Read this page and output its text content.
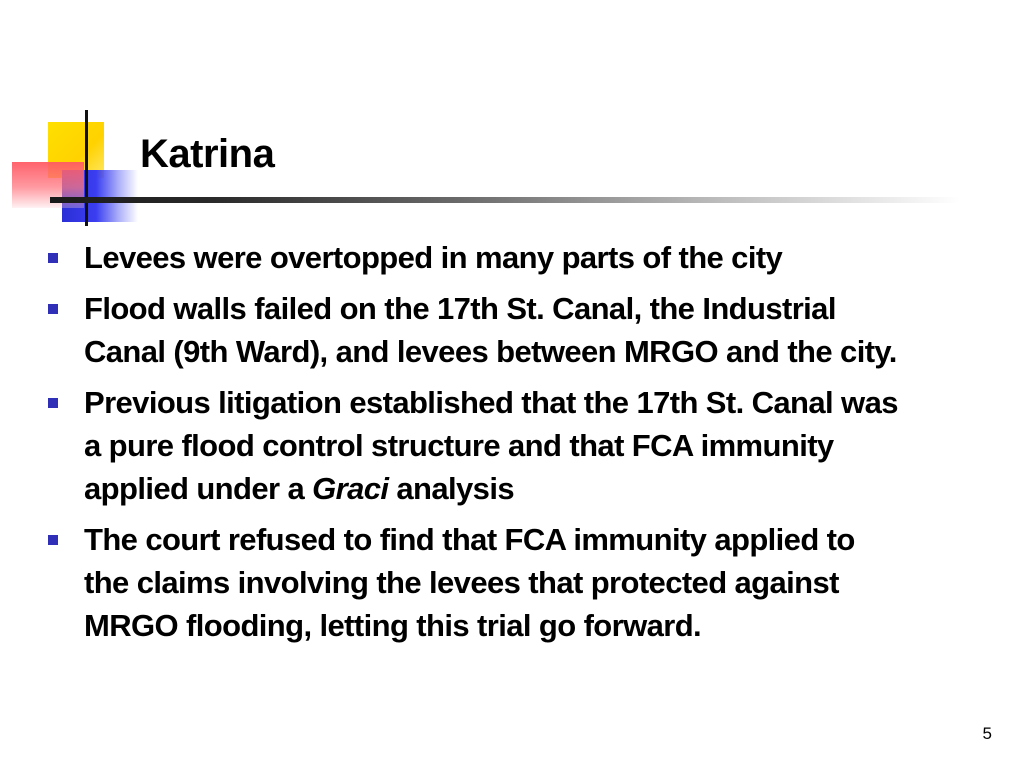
Katrina
Levees were overtopped in many parts of the city
Flood walls failed on the 17th St. Canal, the Industrial
Canal (9th Ward), and levees between MRGO and the city.
Previous litigation established that the 17th St. Canal was
a pure flood control structure and that FCA immunity
applied under a Graci analysis
The court refused to find that FCA immunity applied to
the claims involving the levees that protected against
MRGO flooding, letting this trial go forward.
5
